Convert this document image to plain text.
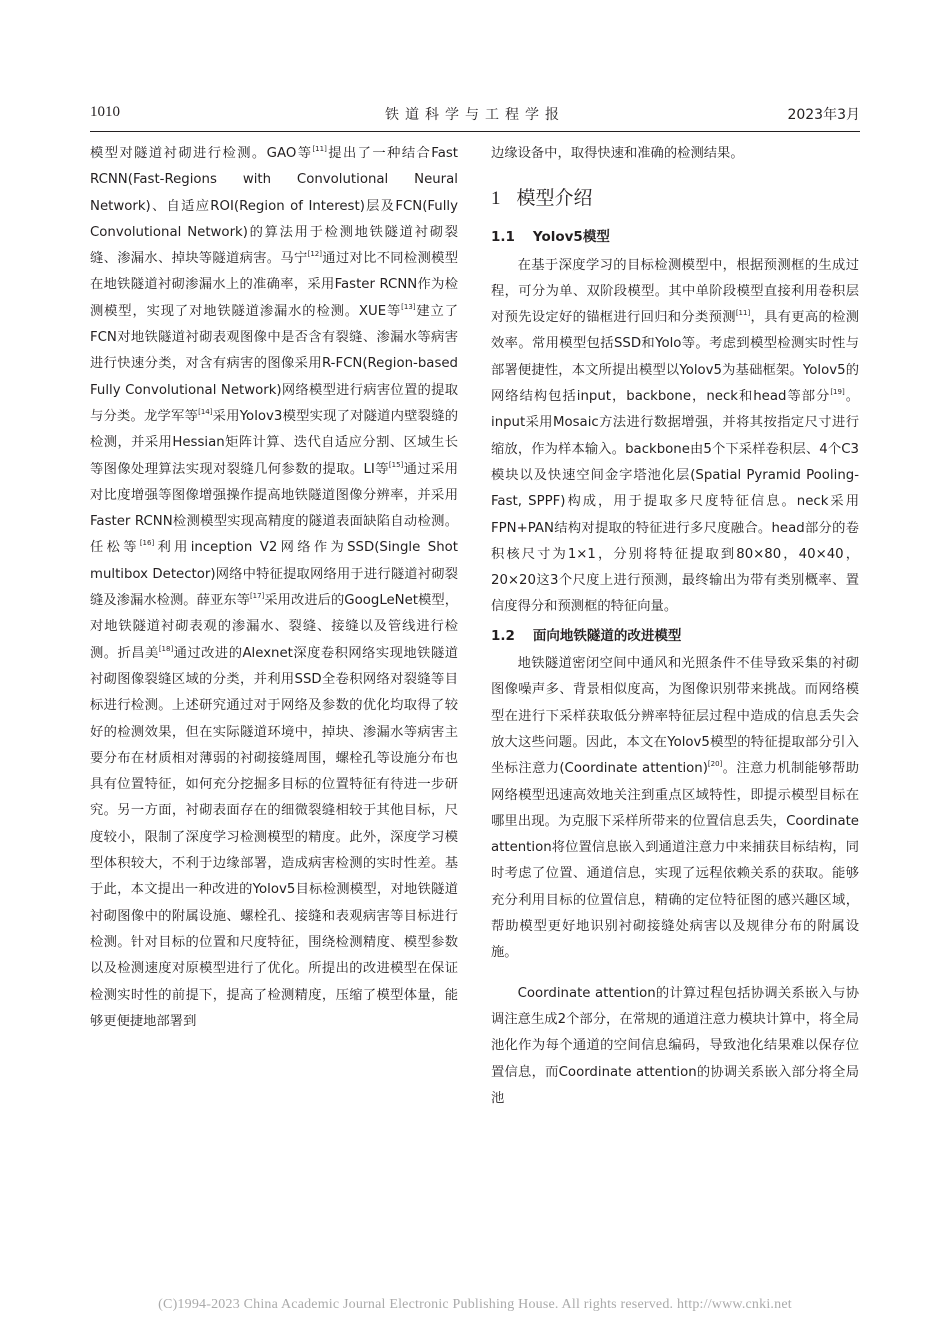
1010	铁道科学与工程学报	2023年3月

模型对隧道衬砌进行检测。GAO等[11]提出了一种结合Fast RCNN(Fast-Regions with Convolutional Neural Network)、自适应ROI(Region of Interest)层及FCN(Fully Convolutional Network)的算法用于检测地铁隧道衬砌裂缝、渗漏水、掉块等隧道病害。马宁[12]通过对比不同检测模型在地铁隧道衬砌渗漏水上的准确率，采用Faster RCNN作为检测模型，实现了对地铁隧道渗漏水的检测。XUE等[13]建立了FCN对地铁隧道衬砌表观图像中是否含有裂缝、渗漏水等病害进行快速分类，对含有病害的图像采用R-FCN(Region-based Fully Convolutional Network)网络模型进行病害位置的提取与分类。龙学军等[14]采用Yolov3模型实现了对隧道内壁裂缝的检测，并采用Hessian矩阵计算、迭代自适应分割、区域生长等图像处理算法实现对裂缝几何参数的提取。LI等[15]通过采用对比度增强等图像增强操作提高地铁隧道图像分辨率，并采用Faster RCNN检测模型实现高精度的隧道表面缺陷自动检测。任松等[16]利用inception V2网络作为SSD(Single Shot multibox Detector)网络中特征提取网络用于进行隧道衬砌裂缝及渗漏水检测。薛亚东等[17]采用改进后的GoogLeNet模型，对地铁隧道衬砌表观的渗漏水、裂缝、接缝以及管线进行检测。折昌美[18]通过改进的Alexnet深度卷积网络实现地铁隧道衬砌图像裂缝区域的分类，并利用SSD全卷积网络对裂缝等目标进行检测。上述研究通过对于网络及参数的优化均取得了较好的检测效果，但在实际隧道环境中，掉块、渗漏水等病害主要分布在材质相对薄弱的衬砌接缝周围，螺栓孔等设施分布也具有位置特征，如何充分挖掘多目标的位置特征有待进一步研究。另一方面，衬砌表面存在的细微裂缝相较于其他目标，尺度较小，限制了深度学习检测模型的精度。此外，深度学习模型体积较大，不利于边缘部署，造成病害检测的实时性差。基于此，本文提出一种改进的Yolov5目标检测模型，对地铁隧道衬砌图像中的附属设施、螺栓孔、接缝和表观病害等目标进行检测。针对目标的位置和尺度特征，围绕检测精度、模型参数以及检测速度对原模型进行了优化。所提出的改进模型在保证检测实时性的前提下，提高了检测精度，压缩了模型体量，能够更便捷地部署到

边缘设备中，取得快速和准确的检测结果。

1 模型介绍

1.1 Yolov5模型

在基于深度学习的目标检测模型中，根据预测框的生成过程，可分为单、双阶段模型。其中单阶段模型直接利用卷积层对预先设定好的锚框进行回归和分类预测[11]，具有更高的检测效率。常用模型包括SSD和Yolo等。考虑到模型检测实时性与部署便捷性，本文所提出模型以Yolov5为基础框架。Yolov5的网络结构包括input，backbone，neck和head等部分[19]。input采用Mosaic方法进行数据增强，并将其按指定尺寸进行缩放，作为样本输入。backbone由5个下采样卷积层、4个C3模块以及快速空间金字塔池化层(Spatial Pyramid Pooling-Fast, SPPF)构成，用于提取多尺度特征信息。neck采用FPN+PAN结构对提取的特征进行多尺度融合。head部分的卷积核尺寸为1×1，分别将特征提取到80×80，40×40，20×20这3个尺度上进行预测，最终输出为带有类别概率、置信度得分和预测框的特征向量。

1.2 面向地铁隧道的改进模型

地铁隧道密闭空间中通风和光照条件不佳导致采集的衬砌图像噪声多、背景相似度高，为图像识别带来挑战。而网络模型在进行下采样获取低分辨率特征层过程中造成的信息丢失会放大这些问题。因此，本文在Yolov5模型的特征提取部分引入坐标注意力(Coordinate attention)[20]。注意力机制能够帮助网络模型迅速高效地关注到重点区域特性，即提示模型目标在哪里出现。为克服下采样所带来的位置信息丢失，Coordinate attention将位置信息嵌入到通道注意力中来捕获目标结构，同时考虑了位置、通道信息，实现了远程依赖关系的获取。能够充分利用目标的位置信息，精确的定位特征图的感兴趣区域，帮助模型更好地识别衬砌接缝处病害以及规律分布的附属设施。

Coordinate attention的计算过程包括协调关系嵌入与协调注意生成2个部分，在常规的通道注意力模块计算中，将全局池化作为每个通道的空间信息编码，导致池化结果难以保存位置信息，而Coordinate attention的协调关系嵌入部分将全局池

(C)1994-2023 China Academic Journal Electronic Publishing House. All rights reserved. http://www.cnki.net
